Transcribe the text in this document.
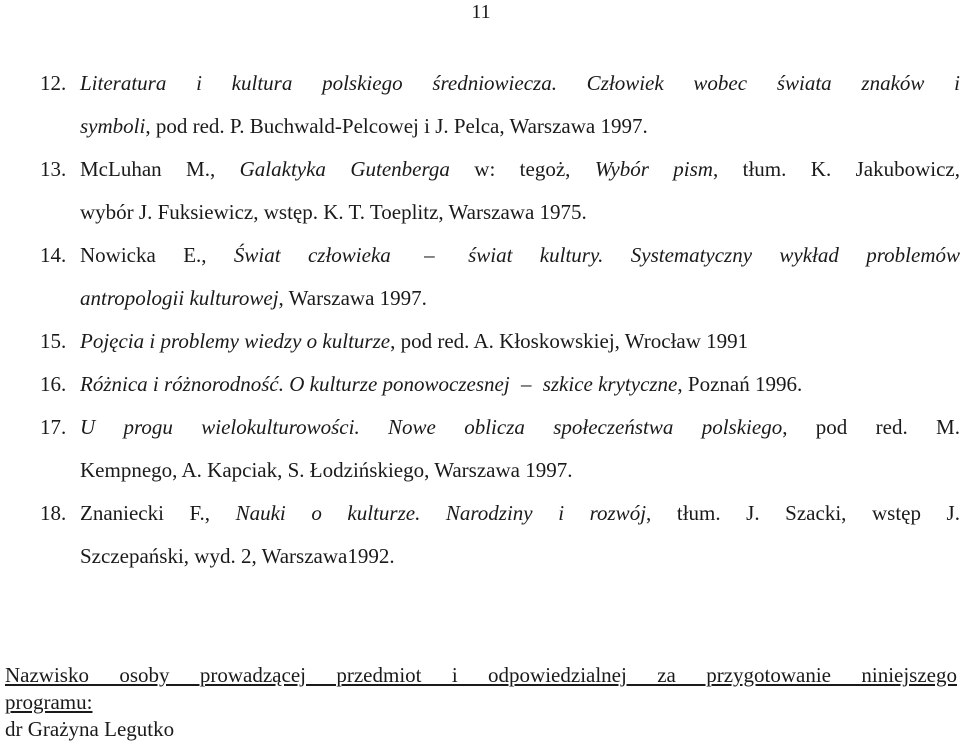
11
12. Literatura i kultura polskiego średniowiecza. Człowiek wobec świata znaków i
symboli, pod red. P. Buchwald-Pelcowej i J. Pelca, Warszawa 1997.
13. McLuhan M., Galaktyka Gutenberga w: tegoż, Wybór pism, tłum. K. Jakubowicz,
wybór J. Fuksiewicz, wstęp. K. T. Toeplitz, Warszawa 1975.
14. Nowicka E., Świat człowieka – świat kultury. Systematyczny wykład problemów
antropologii kulturowej, Warszawa 1997.
15. Pojęcia i problemy wiedzy o kulturze, pod red. A. Kłoskowskiej, Wrocław 1991
16. Różnica i różnorodność. O kulturze ponowoczesnej – szkice krytyczne, Poznań 1996.
17. U progu wielokulturowości. Nowe oblicza społeczeństwa polskiego, pod red. M.
Kempnego, A. Kapciak, S. Łodzińskiego, Warszawa 1997.
18. Znaniecki F., Nauki o kulturze. Narodziny i rozwój, tłum. J. Szacki, wstęp J.
Szczepański, wyd. 2, Warszawa1992.
Nazwisko osoby prowadzącej przedmiot i odpowiedzialnej za przygotowanie niniejszego
programu:
dr Grażyna Legutko
